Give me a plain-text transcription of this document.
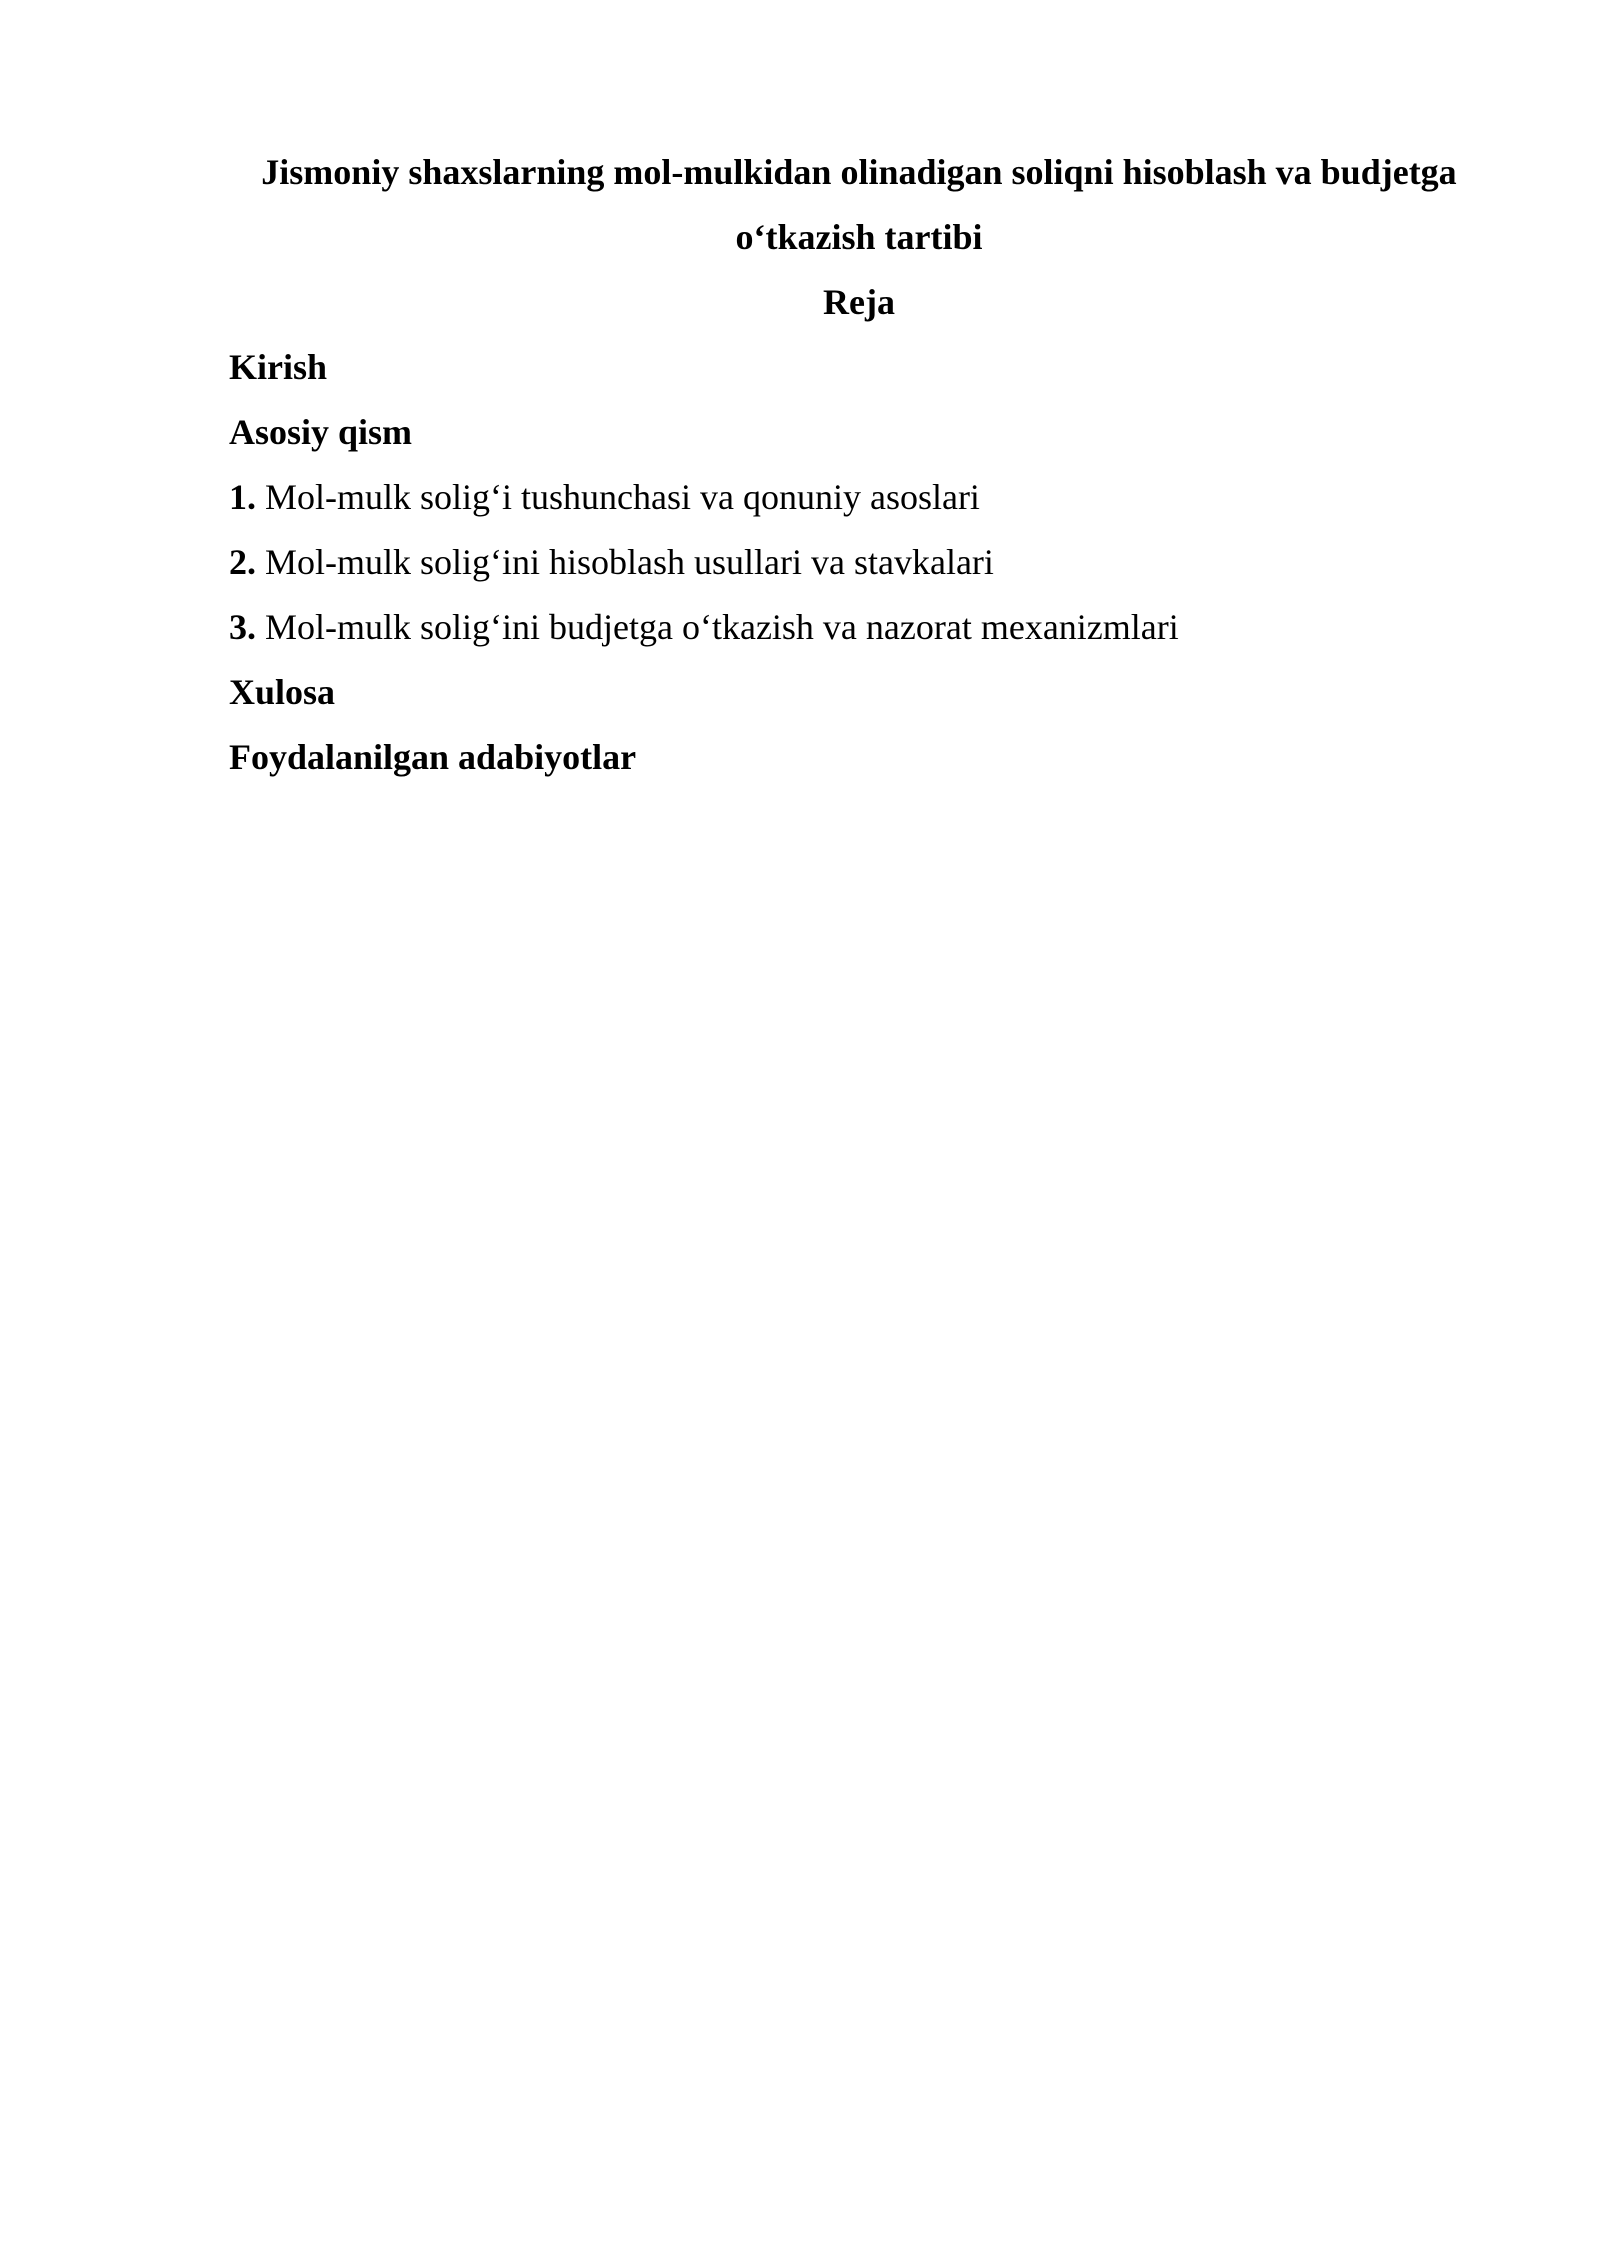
Jismoniy shaxslarning mol-mulkidan olinadigan soliqni hisoblash va budjetga
o‘tkazish tartibi

Reja

Kirish

Asosiy qism

1. Mol-mulk solig‘i tushunchasi va qonuniy asoslari

2. Mol-mulk solig‘ini hisoblash usullari va stavkalari

3. Mol-mulk solig‘ini budjetga o‘tkazish va nazorat mexanizmlari

Xulosa

Foydalanilgan adabiyotlar
